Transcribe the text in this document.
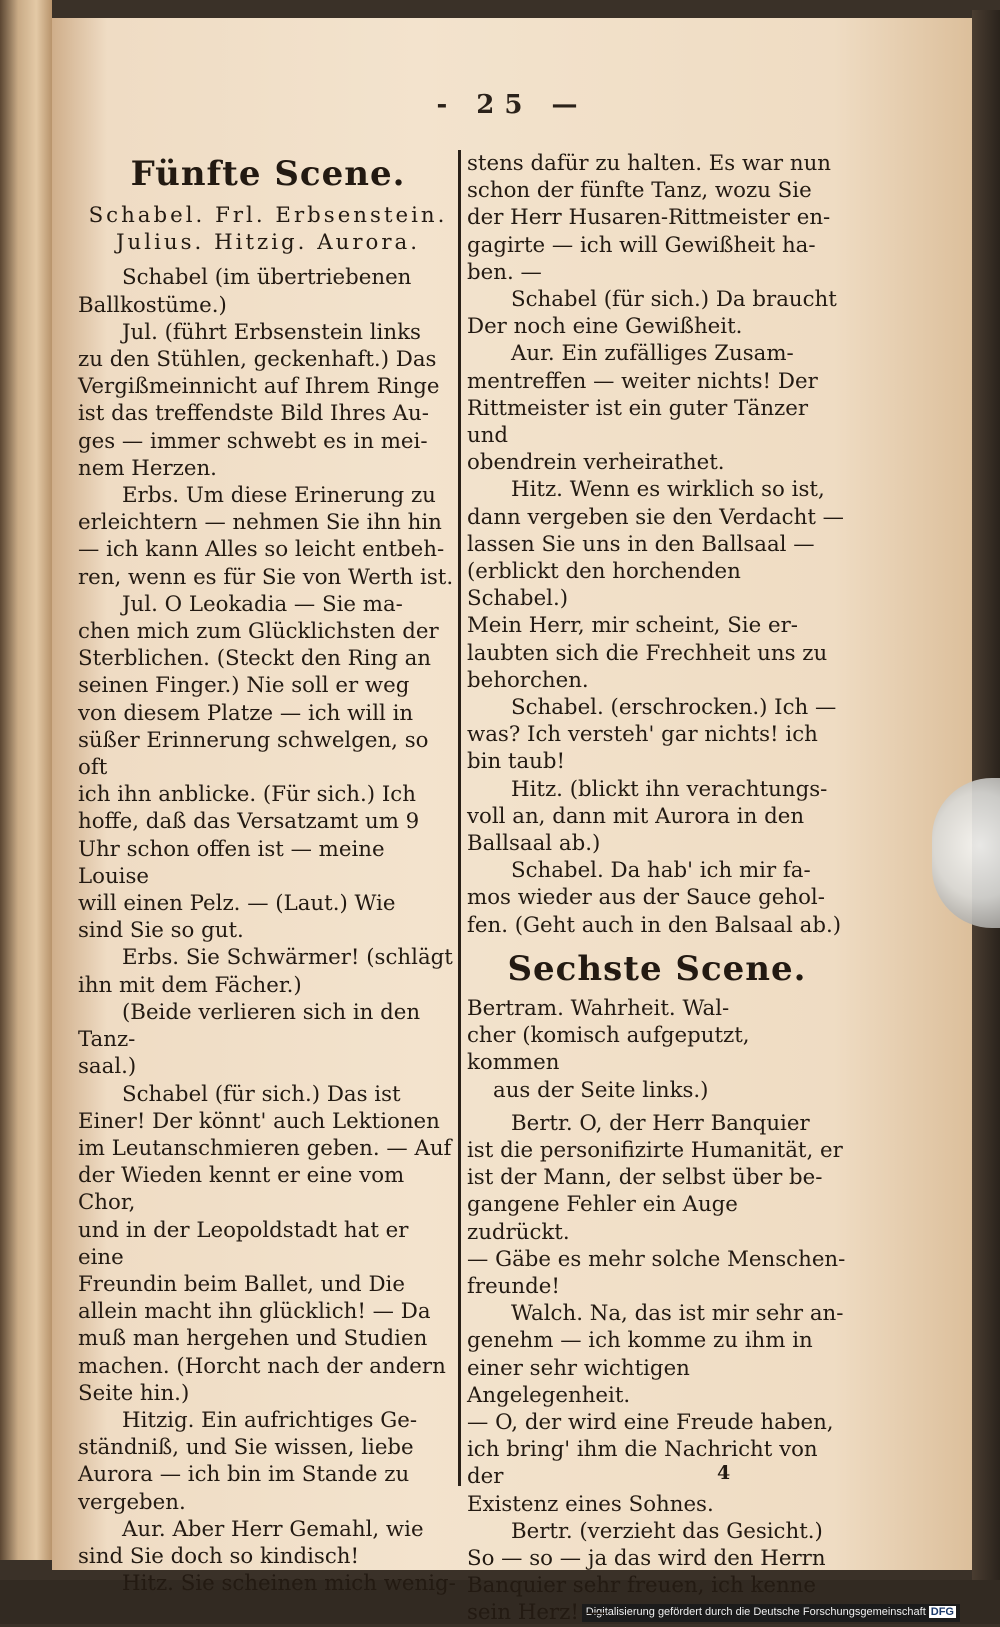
Digitalisierung gefördert durch die Deutsche Forschungsgemeinschaft DFG
- 25 —
Fünfte Scene.
Schabel. Frl. Erbsenstein.
Julius. Hitzig. Aurora.
Schabel (im übertriebenen
Ballkostüme.)
Jul. (führt Erbsenstein links
zu den Stühlen, geckenhaft.) Das
Vergißmeinnicht auf Ihrem Ringe
ist das treffendste Bild Ihres Au-
ges — immer schwebt es in mei-
nem Herzen.
Erbs. Um diese Erinerung zu
erleichtern — nehmen Sie ihn hin
— ich kann Alles so leicht entbeh-
ren, wenn es für Sie von Werth ist.
Jul. O Leokadia — Sie ma-
chen mich zum Glücklichsten der
Sterblichen. (Steckt den Ring an
seinen Finger.) Nie soll er weg
von diesem Platze — ich will in
süßer Erinnerung schwelgen, so oft
ich ihn anblicke. (Für sich.) Ich
hoffe, daß das Versatzamt um 9
Uhr schon offen ist — meine Louise
will einen Pelz. — (Laut.) Wie
sind Sie so gut.
Erbs. Sie Schwärmer! (schlägt
ihn mit dem Fächer.)
(Beide verlieren sich in den Tanz-
saal.)
Schabel (für sich.) Das ist
Einer! Der könnt' auch Lektionen
im Leutanschmieren geben. — Auf
der Wieden kennt er eine vom Chor,
und in der Leopoldstadt hat er eine
Freundin beim Ballet, und Die
allein macht ihn glücklich! — Da
muß man hergehen und Studien
machen. (Horcht nach der andern
Seite hin.)
Hitzig. Ein aufrichtiges Ge-
ständniß, und Sie wissen, liebe
Aurora — ich bin im Stande zu
vergeben.
Aur. Aber Herr Gemahl, wie
sind Sie doch so kindisch!
Hitz. Sie scheinen mich wenig-
stens dafür zu halten. Es war nun
schon der fünfte Tanz, wozu Sie
der Herr Husaren-Rittmeister en-
gagirte — ich will Gewißheit ha-
ben. —
Schabel (für sich.) Da braucht
Der noch eine Gewißheit.
Aur. Ein zufälliges Zusam-
mentreffen — weiter nichts! Der
Rittmeister ist ein guter Tänzer und
obendrein verheirathet.
Hitz. Wenn es wirklich so ist,
dann vergeben sie den Verdacht —
lassen Sie uns in den Ballsaal —
(erblickt den horchenden Schabel.)
Mein Herr, mir scheint, Sie er-
laubten sich die Frechheit uns zu
behorchen.
Schabel. (erschrocken.) Ich —
was? Ich versteh' gar nichts! ich
bin taub!
Hitz. (blickt ihn verachtungs-
voll an, dann mit Aurora in den
Ballsaal ab.)
Schabel. Da hab' ich mir fa-
mos wieder aus der Sauce gehol-
fen. (Geht auch in den Balsaal ab.)
Sechste Scene.
Bertram. Wahrheit. Wal-
cher (komisch aufgeputzt, kommen
aus der Seite links.)
Bertr. O, der Herr Banquier
ist die personifizirte Humanität, er
ist der Mann, der selbst über be-
gangene Fehler ein Auge zudrückt.
— Gäbe es mehr solche Menschen-
freunde!
Walch. Na, das ist mir sehr an-
genehm — ich komme zu ihm in
einer sehr wichtigen Angelegenheit.
— O, der wird eine Freude haben,
ich bring' ihm die Nachricht von der
Existenz eines Sohnes.
Bertr. (verzieht das Gesicht.)
So — so — ja das wird den Herrn
Banquier sehr freuen, ich kenne
sein Herz! —
4
